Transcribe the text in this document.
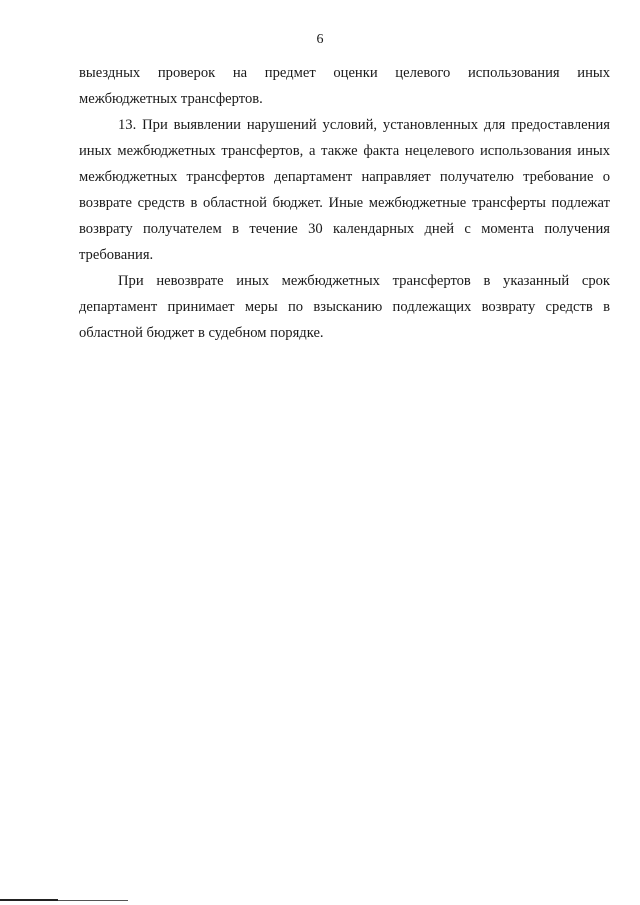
6

выездных проверок на предмет оценки целевого использования иных межбюджетных трансфертов.

13. При выявлении нарушений условий, установленных для предоставления иных межбюджетных трансфертов, а также факта нецелевого использования иных межбюджетных трансфертов департамент направляет получателю требование о возврате средств в областной бюджет. Иные межбюджетные трансферты подлежат возврату получателем в течение 30 календарных дней с момента получения требования.

При невозврате иных межбюджетных трансфертов в указанный срок департамент принимает меры по взысканию подлежащих возврату средств в областной бюджет в судебном порядке.
